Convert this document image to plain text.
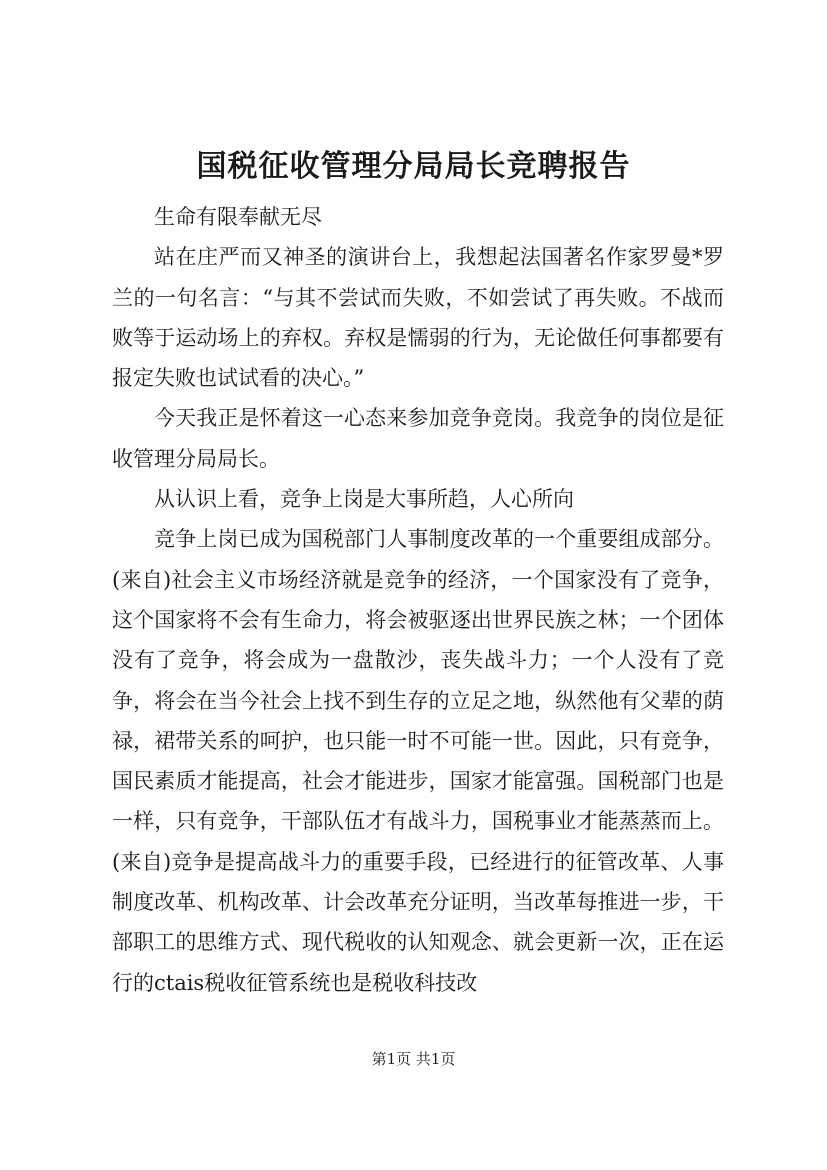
国税征收管理分局局长竞聘报告

生命有限奉献无尽

站在庄严而又神圣的演讲台上，我想起法国著名作家罗曼*罗兰的一句名言：“与其不尝试而失败，不如尝试了再失败。不战而败等于运动场上的弃权。弃权是懦弱的行为，无论做任何事都要有报定失败也试试看的决心。”

今天我正是怀着这一心态来参加竞争竞岗。我竞争的岗位是征收管理分局局长。

从认识上看，竞争上岗是大事所趋，人心所向

竞争上岗已成为国税部门人事制度改革的一个重要组成部分。(来自)社会主义市场经济就是竞争的经济，一个国家没有了竞争，这个国家将不会有生命力，将会被驱逐出世界民族之林；一个团体没有了竞争，将会成为一盘散沙，丧失战斗力；一个人没有了竞争，将会在当今社会上找不到生存的立足之地，纵然他有父辈的荫禄，裙带关系的呵护，也只能一时不可能一世。因此，只有竞争，国民素质才能提高，社会才能进步，国家才能富强。国税部门也是一样，只有竞争，干部队伍才有战斗力，国税事业才能蒸蒸而上。(来自)竞争是提高战斗力的重要手段，已经进行的征管改革、人事制度改革、机构改革、计会改革充分证明，当改革每推进一步，干部职工的思维方式、现代税收的认知观念、就会更新一次，正在运行的ctais税收征管系统也是税收科技改

第1页 共1页
